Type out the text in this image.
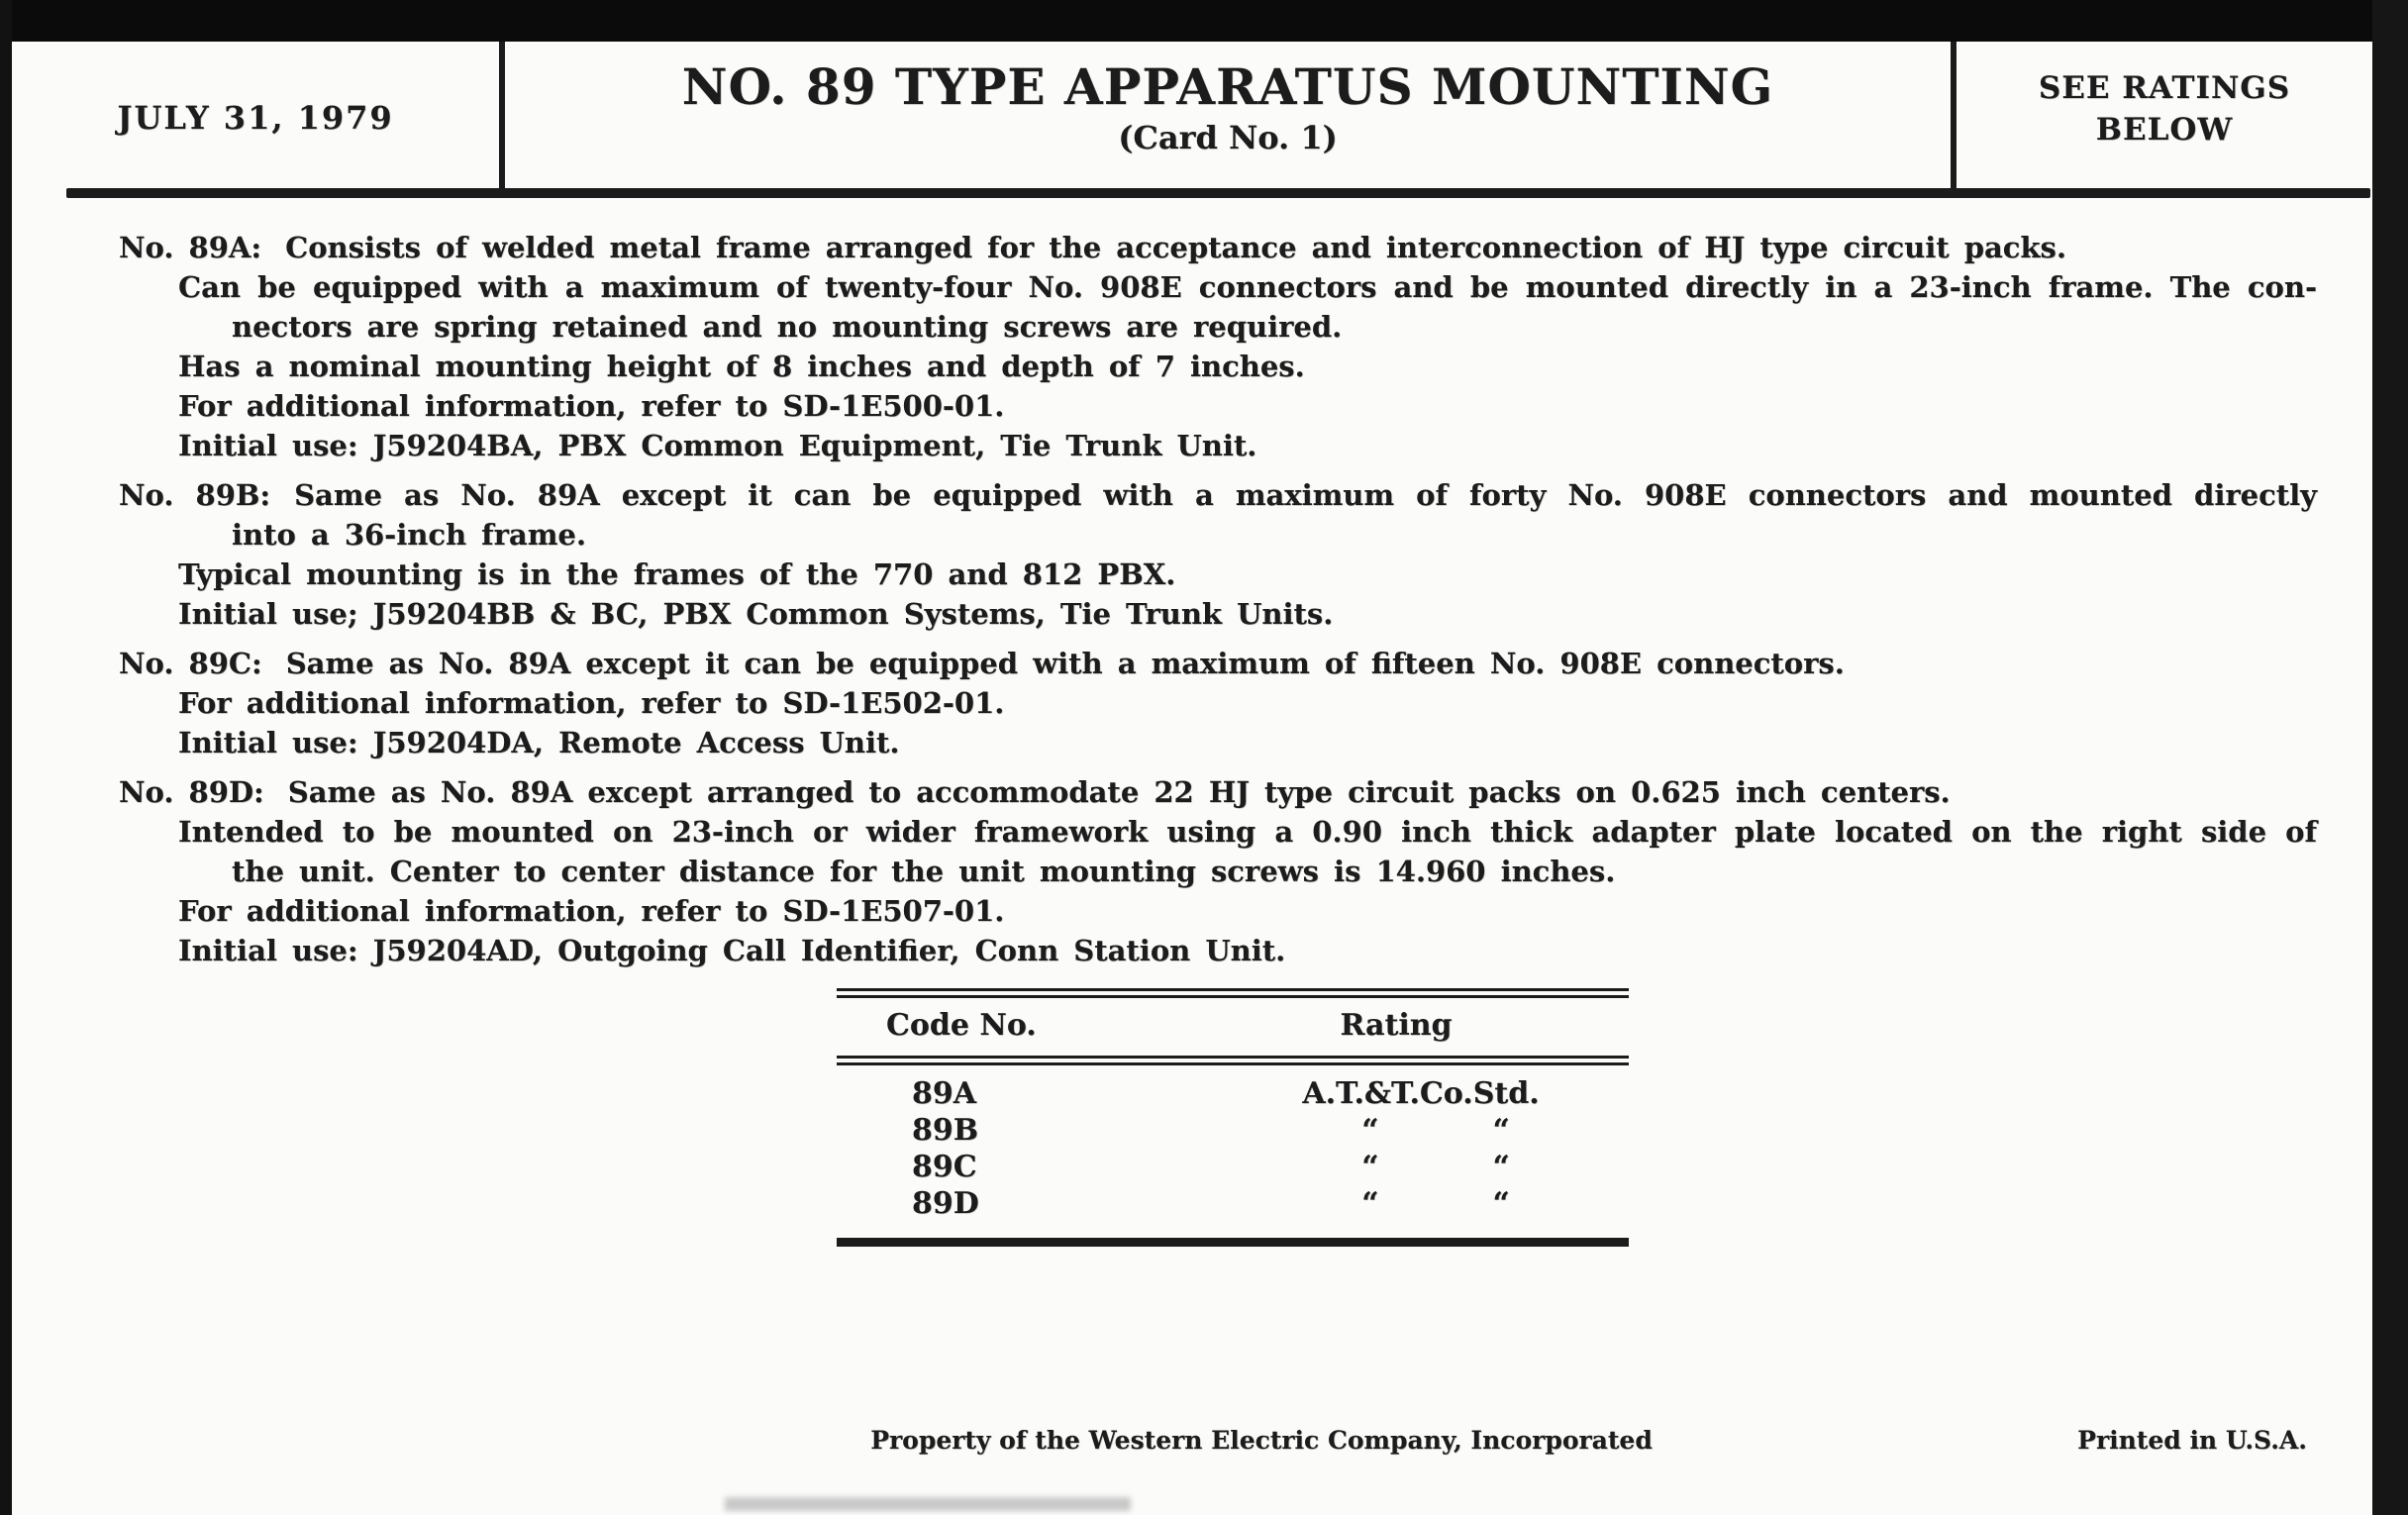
JULY 31, 1979
NO. 89 TYPE APPARATUS MOUNTING
(Card No. 1)
SEE RATINGS
BELOW
No. 89A: Consists of welded metal frame arranged for the acceptance and interconnection of HJ type circuit packs.
Can be equipped with a maximum of twenty-four No. 908E connectors and be mounted directly in a 23-inch frame. The con-
nectors are spring retained and no mounting screws are required.
Has a nominal mounting height of 8 inches and depth of 7 inches.
For additional information, refer to SD-1E500-01.
Initial use: J59204BA, PBX Common Equipment, Tie Trunk Unit.
No. 89B: Same as No. 89A except it can be equipped with a maximum of forty No. 908E connectors and mounted directly
into a 36-inch frame.
Typical mounting is in the frames of the 770 and 812 PBX.
Initial use; J59204BB & BC, PBX Common Systems, Tie Trunk Units.
No. 89C: Same as No. 89A except it can be equipped with a maximum of fifteen No. 908E connectors.
For additional information, refer to SD-1E502-01.
Initial use: J59204DA, Remote Access Unit.
No. 89D: Same as No. 89A except arranged to accommodate 22 HJ type circuit packs on 0.625 inch centers.
Intended to be mounted on 23-inch or wider framework using a 0.90 inch thick adapter plate located on the right side of
the unit. Center to center distance for the unit mounting screws is 14.960 inches.
For additional information, refer to SD-1E507-01.
Initial use: J59204AD, Outgoing Call Identifier, Conn Station Unit.
Code No.	Rating
89A	A.T.&T.Co.Std.
89B	“	“
89C	“	“
89D	“	“
Property of the Western Electric Company, Incorporated	Printed in U.S.A.
